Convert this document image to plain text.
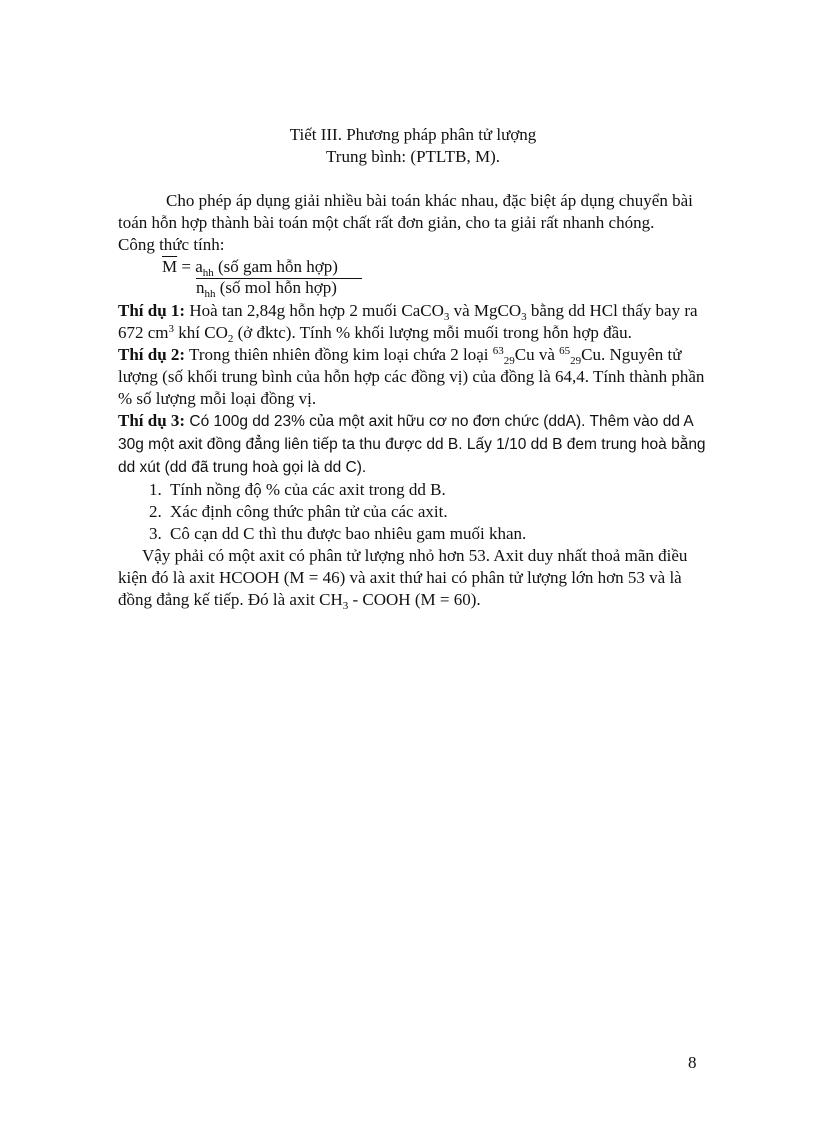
Tiết III. Phương pháp phân tử lượng

Trung bình: (PTLTB, M).

Cho phép áp dụng giải nhiều bài toán khác nhau, đặc biệt áp dụng chuyển bài toán hỗn hợp thành bài toán một chất rất đơn giản, cho ta giải rất nhanh chóng.

Công thức tính:

$\overline{M} = a_{hh}$ (số gam hỗn hợp)
$n_{hh}$ (số mol hỗn hợp)

Thí dụ 1: Hoà tan 2,84g hỗn hợp 2 muối CaCO$_3$ và MgCO$_3$ bằng dd HCl thấy bay ra 672 $cm^3$ khí $CO_2$ (ở đktc). Tính % khối lượng mỗi muối trong hỗn hợp đầu.

Thí dụ 2: Trong thiên nhiên đồng kim loại chứa 2 loại $^{63}_{29}$Cu và $^{65}_{29}$Cu. Nguyên tử lượng (số khối trung bình của hỗn hợp các đồng vị) của đồng là 64,4. Tính thành phần % số lượng mỗi loại đồng vị.

Thí dụ 3: Có 100g dd 23% của một axit hữu cơ no đơn chức (ddA). Thêm vào dd A 30g một axit đồng đẳng liên tiếp ta thu được dd B. Lấy 1/10 dd B đem trung hoà bằng dd xút (dd đã trung hoà gọi là dd C).

1. Tính nồng độ % của các axit trong dd B.
2. Xác định công thức phân tử của các axit.
3. Cô cạn dd C thì thu được bao nhiêu gam muối khan.

Vậy phải có một axit có phân tử lượng nhỏ hơn 53. Axit duy nhất thoả mãn điều kiện đó là axit HCOOH (M = 46) và axit thứ hai có phân tử lượng lớn hơn 53 và là đồng đẳng kế tiếp. Đó là axit $CH_3$ - COOH (M = 60).

8
